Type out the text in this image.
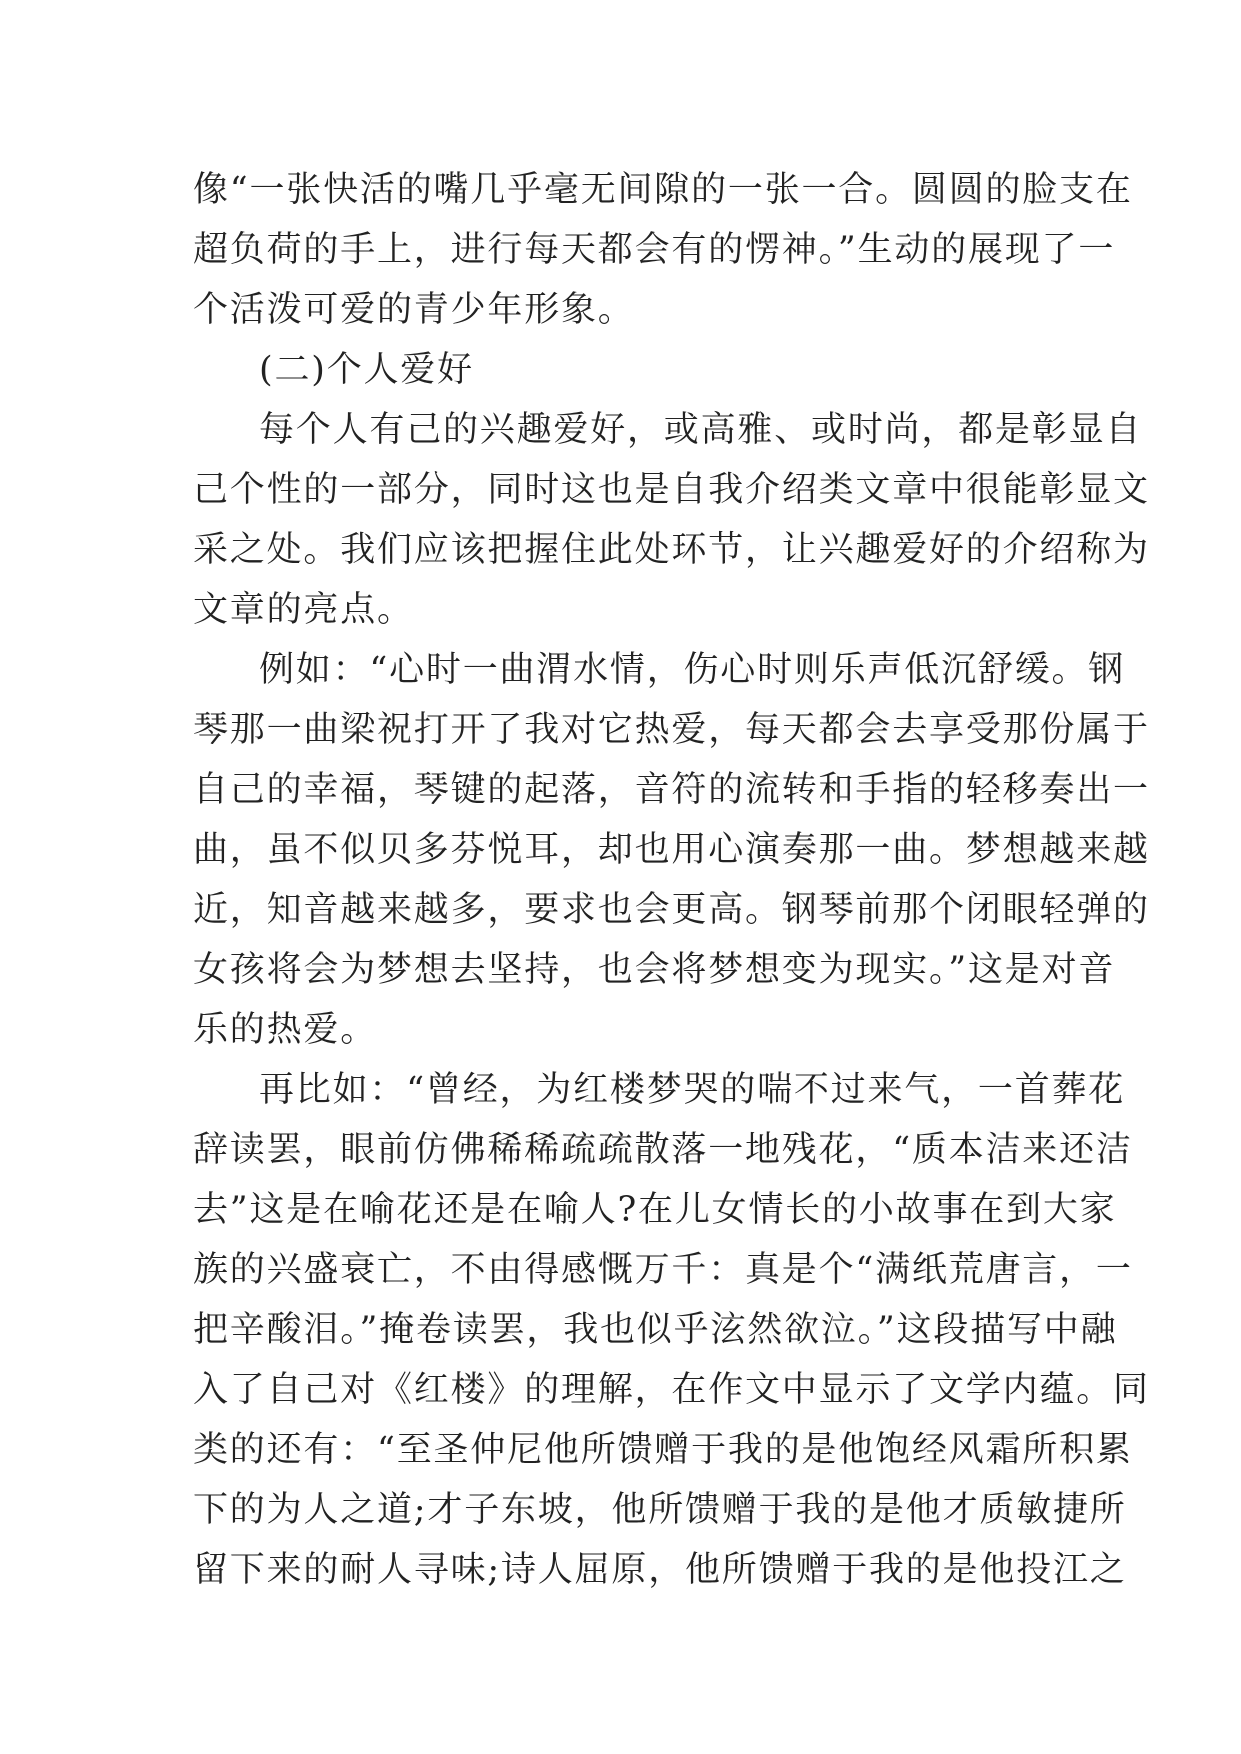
像“一张快活的嘴几乎毫无间隙的一张一合。圆圆的脸支在
超负荷的手上，进行每天都会有的愣神。”生动的展现了一
个活泼可爱的青少年形象。
(二)个人爱好
每个人有己的兴趣爱好，或高雅、或时尚，都是彰显自
己个性的一部分，同时这也是自我介绍类文章中很能彰显文
采之处。我们应该把握住此处环节，让兴趣爱好的介绍称为
文章的亮点。
例如：“心时一曲渭水情，伤心时则乐声低沉舒缓。钢
琴那一曲梁祝打开了我对它热爱，每天都会去享受那份属于
自己的幸福，琴键的起落，音符的流转和手指的轻移奏出一
曲，虽不似贝多芬悦耳，却也用心演奏那一曲。梦想越来越
近，知音越来越多，要求也会更高。钢琴前那个闭眼轻弹的
女孩将会为梦想去坚持，也会将梦想变为现实。”这是对音
乐的热爱。
再比如：“曾经，为红楼梦哭的喘不过来气，一首葬花
辞读罢，眼前仿佛稀稀疏疏散落一地残花，“质本洁来还洁
去”这是在喻花还是在喻人?在儿女情长的小故事在到大家
族的兴盛衰亡，不由得感慨万千：真是个“满纸荒唐言，一
把辛酸泪。”掩卷读罢，我也似乎泫然欲泣。”这段描写中融
入了自己对《红楼》的理解，在作文中显示了文学内蕴。同
类的还有：“至圣仲尼他所馈赠于我的是他饱经风霜所积累
下的为人之道;才子东坡，他所馈赠于我的是他才质敏捷所
留下来的耐人寻味;诗人屈原，他所馈赠于我的是他投江之
